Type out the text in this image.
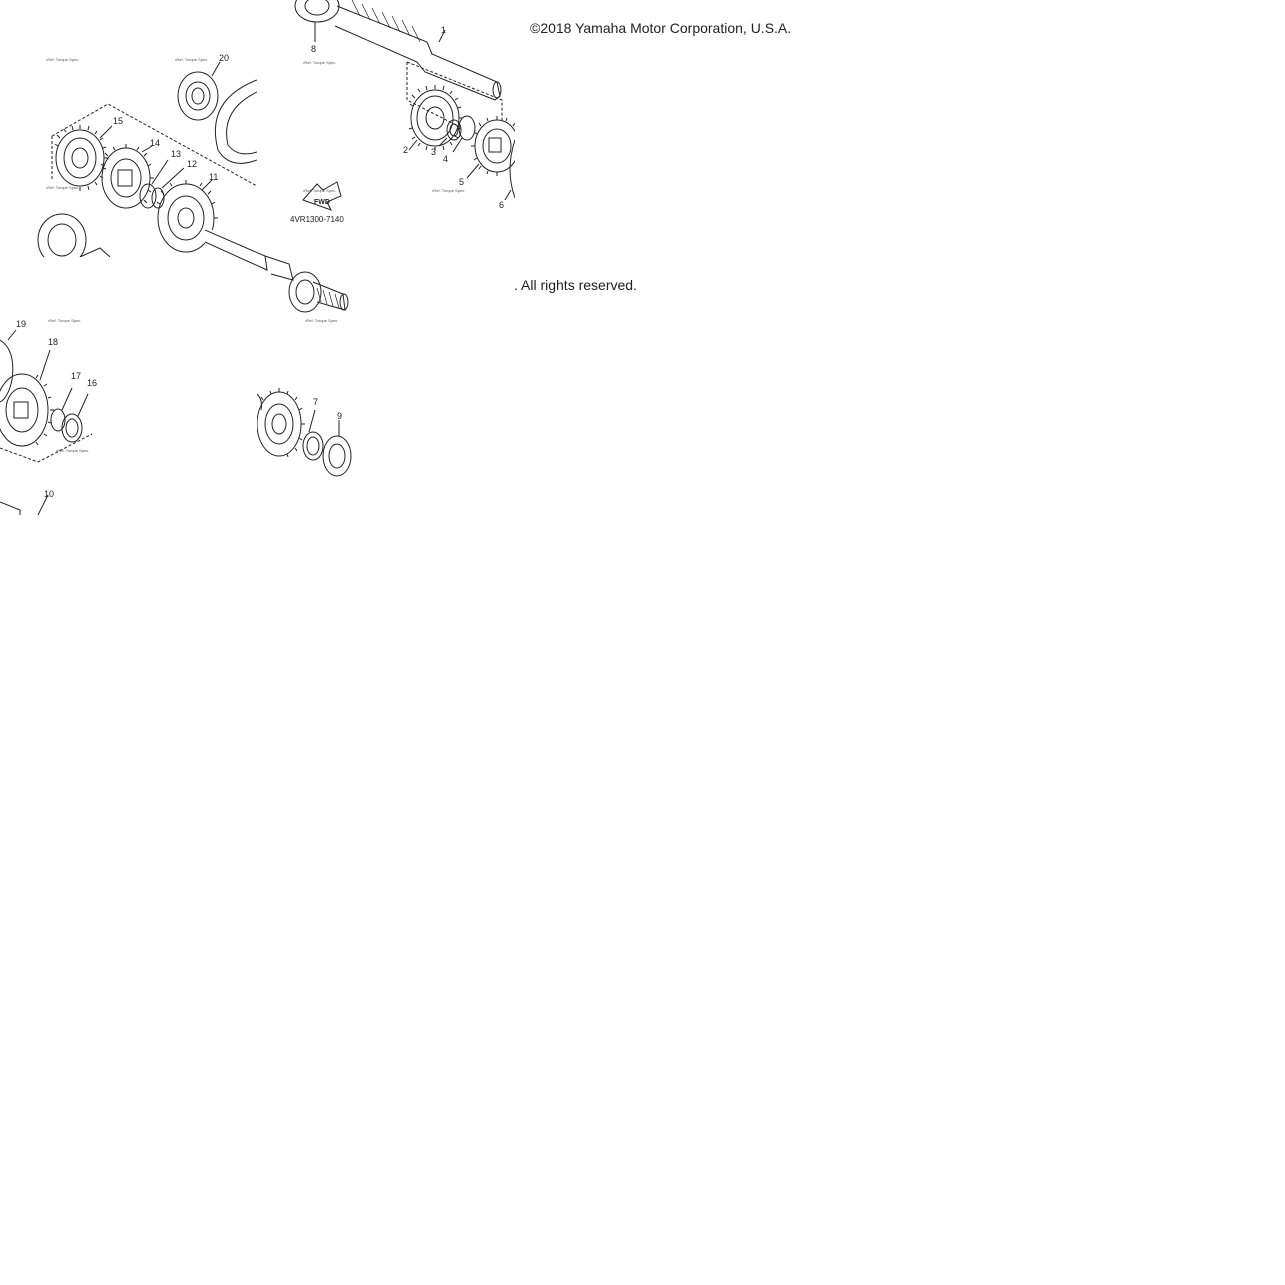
1
8
2	3
4
5
6
•Ref. Torque Spec.
•Ref. Torque Spec.
•Ref. Torque Spec.
FWD
4VR1300-7140
20
15
14
13
12
11
•Ref. Torque Spec.	•Ref. Torque Spec.
•Ref. Torque Spec.
•Ref. Torque Spec.
19
18
17
16
10
•Ref. Torque Spec.
•Ref. Torque Spec.
7
9
©2018 Yamaha Motor Corporation, U.S.A.
. All rights reserved.
